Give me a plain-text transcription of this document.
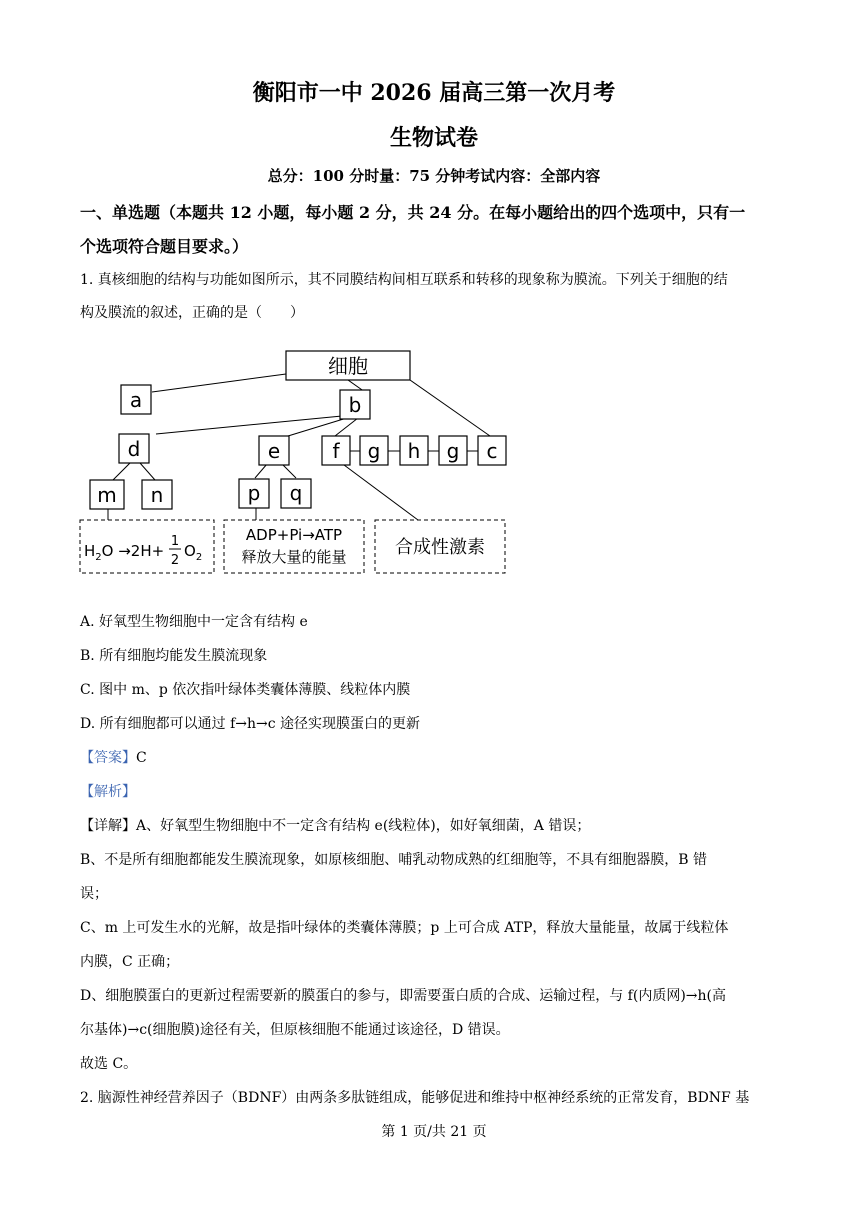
衡阳市一中 2026 届高三第一次月考
生物试卷
总分：100 分时量：75 分钟考试内容：全部内容
一、单选题（本题共 12 小题，每小题 2 分，共 24 分。在每小题给出的四个选项中，只有一
个选项符合题目要求。）
1. 真核细胞的结构与功能如图所示，其不同膜结构间相互联系和转移的现象称为膜流。下列关于细胞的结
构及膜流的叙述，正确的是（　　）
细胞
a	b
d	e	f g h g c
m n	p q
$H_2O \to 2H+$
1
2
$O_2$
ADP+Pi→ATP
释放大量的能量	合成性激素
A. 好氧型生物细胞中一定含有结构 e
B. 所有细胞均能发生膜流现象
C. 图中 m、p 依次指叶绿体类囊体薄膜、线粒体内膜
D. 所有细胞都可以通过 f→h→c 途径实现膜蛋白的更新
【答案】C
【解析】
【详解】A、好氧型生物细胞中不一定含有结构 e(线粒体)，如好氧细菌，A 错误；
B、不是所有细胞都能发生膜流现象，如原核细胞、哺乳动物成熟的红细胞等，不具有细胞器膜，B 错
误；
C、m 上可发生水的光解，故是指叶绿体的类囊体薄膜；p 上可合成 ATP，释放大量能量，故属于线粒体
内膜，C 正确；
D、细胞膜蛋白的更新过程需要新的膜蛋白的参与，即需要蛋白质的合成、运输过程，与 f(内质网)→h(高
尔基体)→c(细胞膜)途径有关，但原核细胞不能通过该途径，D 错误。
故选 C。
2. 脑源性神经营养因子（BDNF）由两条多肽链组成，能够促进和维持中枢神经系统的正常发育，BDNF 基
第 1 页/共 21 页
